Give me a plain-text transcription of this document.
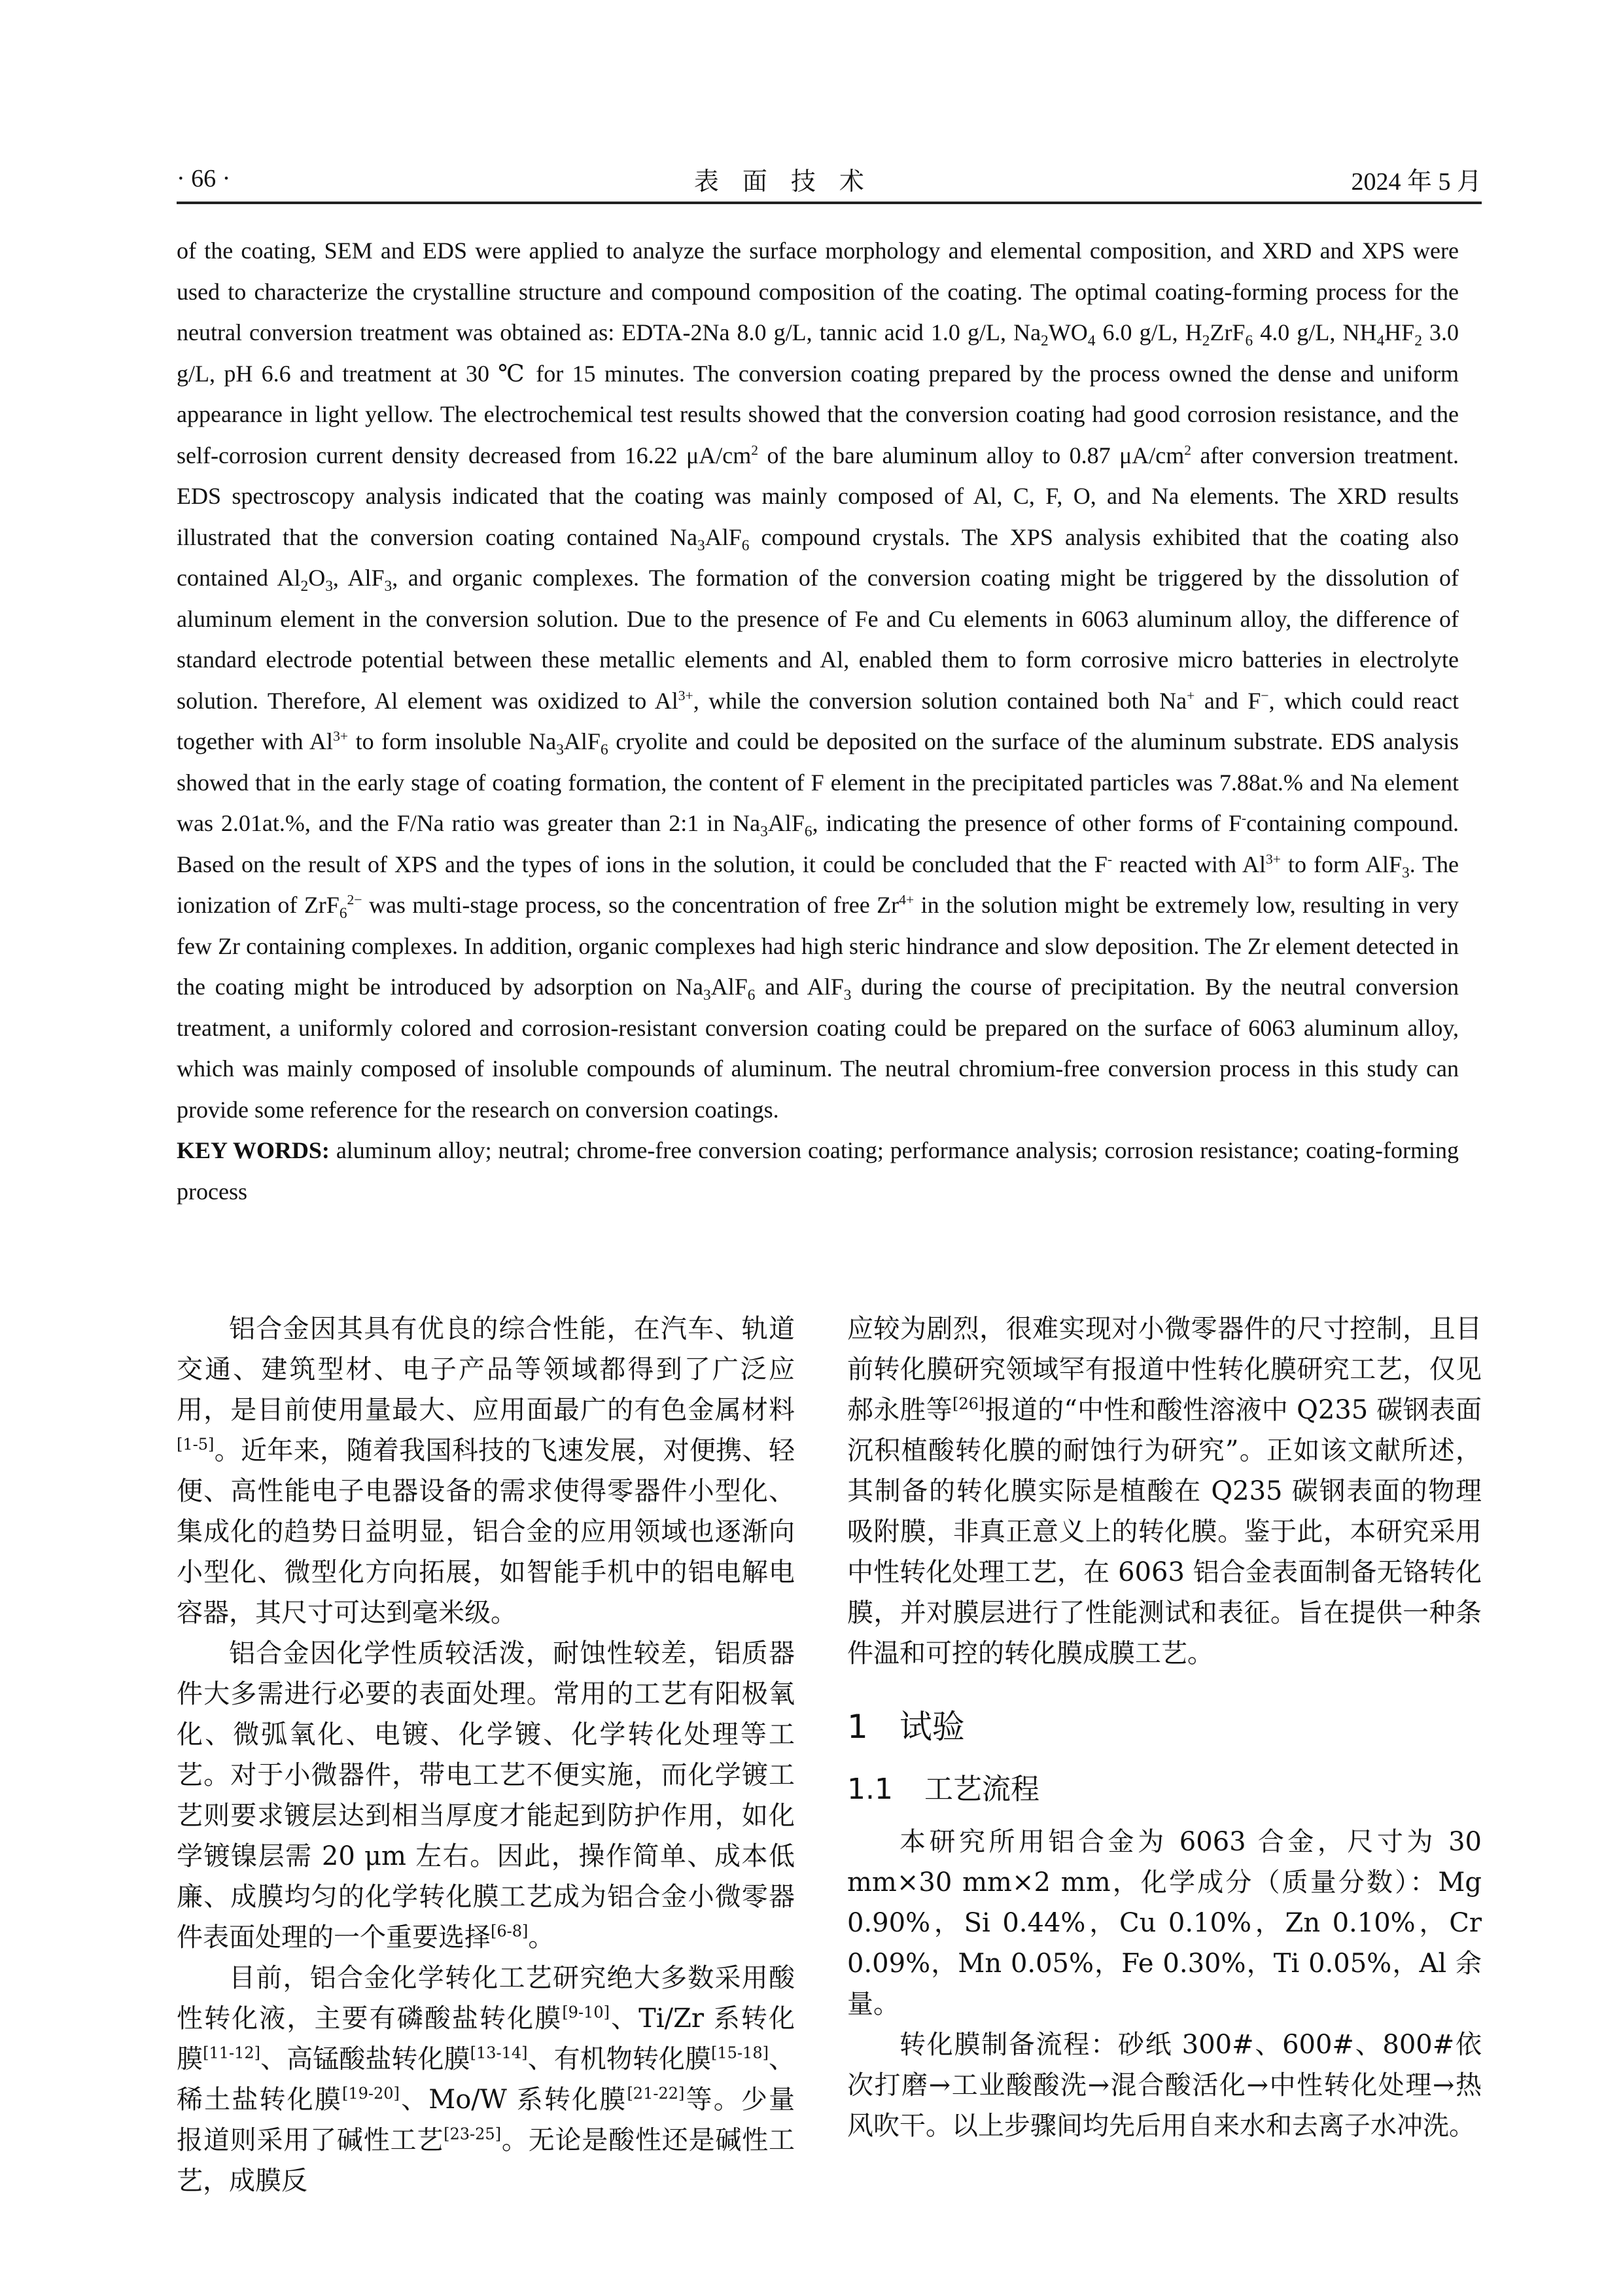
· 66 ·	表面技术	2024 年 5 月

of the coating, SEM and EDS were applied to analyze the surface morphology and elemental composition, and XRD and XPS were used to characterize the crystalline structure and compound composition of the coating. The optimal coating-forming process for the neutral conversion treatment was obtained as: EDTA-2Na 8.0 g/L, tannic acid 1.0 g/L, $Na_2WO_4$ 6.0 g/L, $H_2ZrF_6$ 4.0 g/L, $NH_4HF_2$ 3.0 g/L, pH 6.6 and treatment at 30 ℃ for 15 minutes. The conversion coating prepared by the process owned the dense and uniform appearance in light yellow. The electrochemical test results showed that the conversion coating had good corrosion resistance, and the self-corrosion current density decreased from 16.22 $\mu A/cm^2$ of the bare aluminum alloy to 0.87 $\mu A/cm^2$ after conversion treatment. EDS spectroscopy analysis indicated that the coating was mainly composed of Al, C, F, O, and Na elements. The XRD results illustrated that the conversion coating contained $Na_3AlF_6$ compound crystals. The XPS analysis exhibited that the coating also contained $Al_2O_3$, AlF$_3$, and organic complexes. The formation of the conversion coating might be triggered by the dissolution of aluminum element in the conversion solution. Due to the presence of Fe and Cu elements in 6063 aluminum alloy, the difference of standard electrode potential between these metallic elements and Al, enabled them to form corrosive micro batteries in electrolyte solution. Therefore, Al element was oxidized to $Al^{3+}$, while the conversion solution contained both Na+ and F−, which could react together with $Al^{3+}$ to form insoluble $Na_3AlF_6$ cryolite and could be deposited on the surface of the aluminum substrate. EDS analysis showed that in the early stage of coating formation, the content of F element in the precipitated particles was 7.88at.% and Na element was 2.01at.%, and the F/Na ratio was greater than 2:1 in $Na_3AlF_6$, indicating the presence of other forms of F-containing compound. Based on the result of XPS and the types of ions in the solution, it could be concluded that the F- reacted with $Al^{3+}$ to form AlF$_3$. The ionization of ZrF$_6^{2-}$ was multi-stage process, so the concentration of free $Zr^{4+}$ in the solution might be extremely low, resulting in very few Zr containing complexes. In addition, organic complexes had high steric hindrance and slow deposition. The Zr element detected in the coating might be introduced by adsorption on $Na_3AlF_6$ and AlF$_3$ during the course of precipitation. By the neutral conversion treatment, a uniformly colored and corrosion-resistant conversion coating could be prepared on the surface of 6063 aluminum alloy, which was mainly composed of insoluble compounds of aluminum. The neutral chromium-free conversion process in this study can provide some reference for the research on conversion coatings.

KEY WORDS: aluminum alloy; neutral; chrome-free conversion coating; performance analysis; corrosion resistance; coating-forming process

铝合金因其具有优良的综合性能，在汽车、轨道交通、建筑型材、电子产品等领域都得到了广泛应用，是目前使用量最大、应用面最广的有色金属材料[1-5]。近年来，随着我国科技的飞速发展，对便携、轻便、高性能电子电器设备的需求使得零器件小型化、集成化的趋势日益明显，铝合金的应用领域也逐渐向小型化、微型化方向拓展，如智能手机中的铝电解电容器，其尺寸可达到毫米级。

铝合金因化学性质较活泼，耐蚀性较差，铝质器件大多需进行必要的表面处理。常用的工艺有阳极氧化、微弧氧化、电镀、化学镀、化学转化处理等工艺。对于小微器件，带电工艺不便实施，而化学镀工艺则要求镀层达到相当厚度才能起到防护作用，如化学镀镍层需 20 μm 左右。因此，操作简单、成本低廉、成膜均匀的化学转化膜工艺成为铝合金小微零器件表面处理的一个重要选择[6-8]。

目前，铝合金化学转化工艺研究绝大多数采用酸性转化液，主要有磷酸盐转化膜[9-10]、Ti/Zr 系转化膜[11-12]、高锰酸盐转化膜[13-14]、有机物转化膜[15-18]、稀土盐转化膜[19-20]、Mo/W 系转化膜[21-22]等。少量报道则采用了碱性工艺[23-25]。无论是酸性还是碱性工艺，成膜反

应较为剧烈，很难实现对小微零器件的尺寸控制，且目前转化膜研究领域罕有报道中性转化膜研究工艺，仅见郝永胜等[26]报道的“中性和酸性溶液中 Q235 碳钢表面沉积植酸转化膜的耐蚀行为研究”。正如该文献所述，其制备的转化膜实际是植酸在 Q235 碳钢表面的物理吸附膜，非真正意义上的转化膜。鉴于此，本研究采用中性转化处理工艺，在 6063 铝合金表面制备无铬转化膜，并对膜层进行了性能测试和表征。旨在提供一种条件温和可控的转化膜成膜工艺。

1 试验
1.1 工艺流程

本研究所用铝合金为 6063 合金，尺寸为 30 mm×30 mm×2 mm，化学成分（质量分数）：Mg 0.90%，Si 0.44%，Cu 0.10%，Zn 0.10%，Cr 0.09%，Mn 0.05%，Fe 0.30%，Ti 0.05%，Al 余量。

转化膜制备流程：砂纸 300#、600#、800#依次打磨→工业酸酸洗→混合酸活化→中性转化处理→热风吹干。以上步骤间均先后用自来水和去离子水冲洗。
